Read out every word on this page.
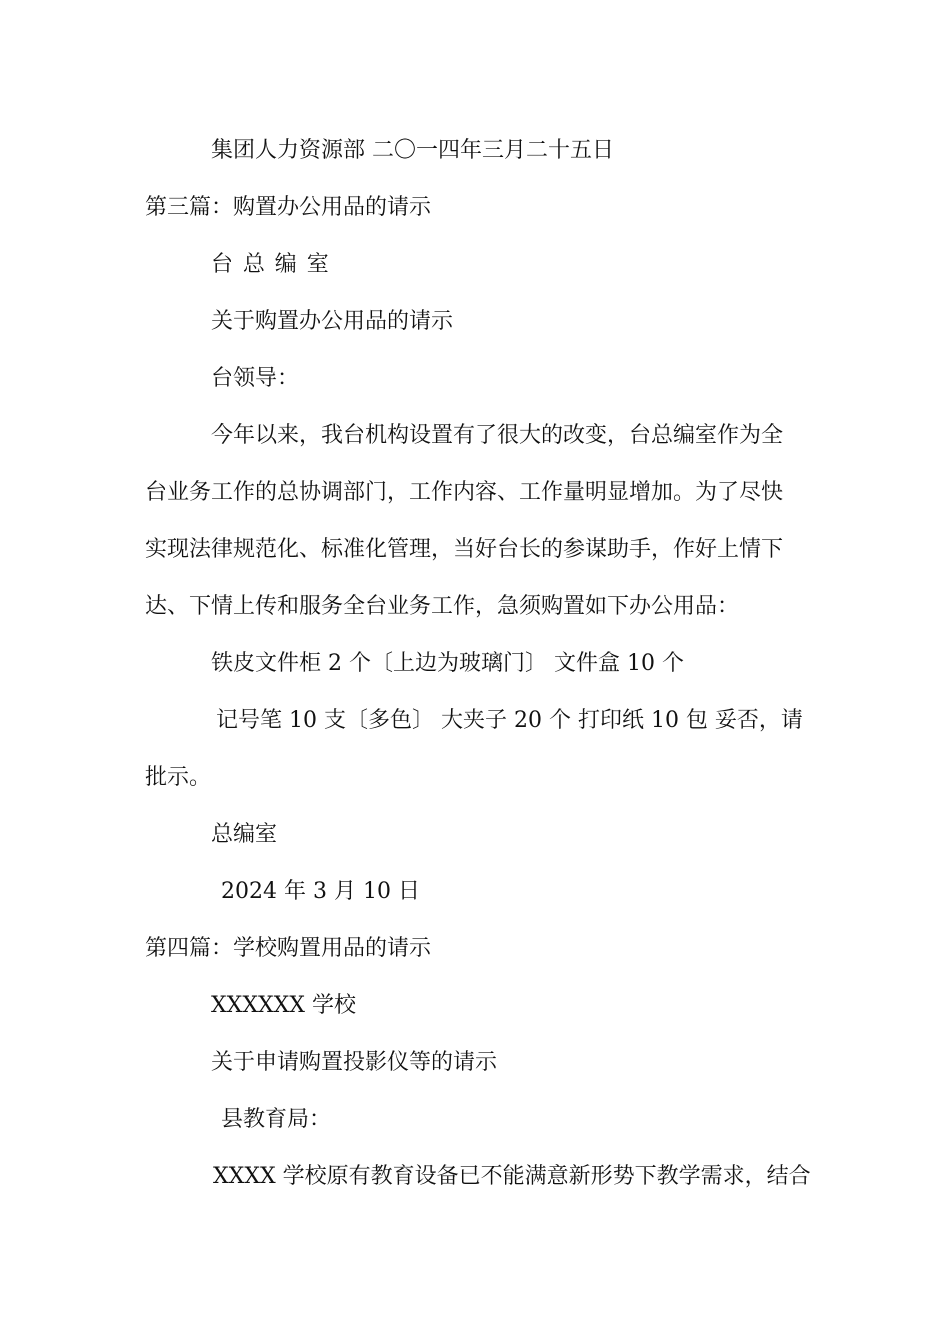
集团人力资源部 二〇一四年三月二十五日
第三篇：购置办公用品的请示
台总编室
关于购置办公用品的请示
台领导：
今年以来，我台机构设置有了很大的改变，台总编室作为全
台业务工作的总协调部门，工作内容、工作量明显增加。为了尽快
实现法律规范化、标准化管理，当好台长的参谋助手，作好上情下
达、下情上传和服务全台业务工作，急须购置如下办公用品：
铁皮文件柜 2 个〔上边为玻璃门〕 文件盒 10 个
记号笔 10 支〔多色〕 大夹子 20 个 打印纸 10 包 妥否，请
批示。
总编室
2024 年 3 月 10 日
第四篇：学校购置用品的请示
XXXXXX 学校
关于申请购置投影仪等的请示
县教育局：
XXXX 学校原有教育设备已不能满意新形势下教学需求，结合
